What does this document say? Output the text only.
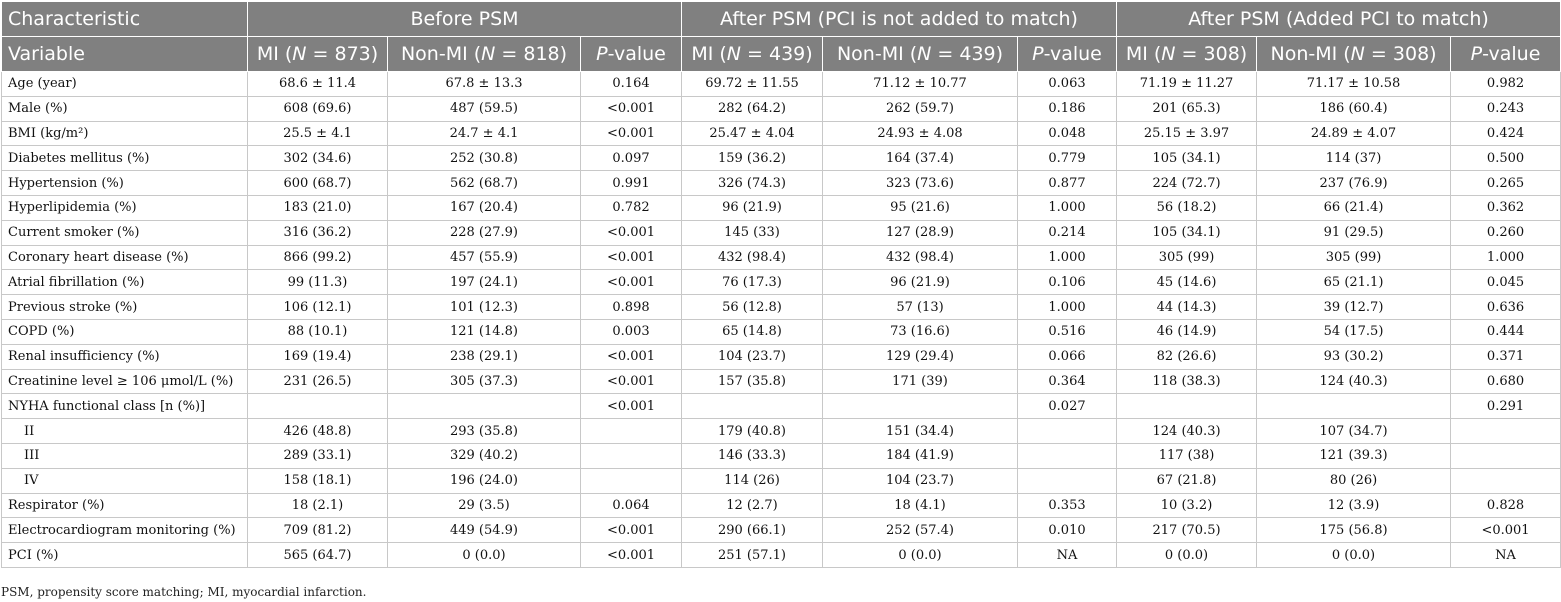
Characteristic	Before PSM			After PSM (PCI is not added to match)			After PSM (Added PCI to match)		
Variable	MI (N = 873)	Non-MI (N = 818)	P-value	MI (N = 439)	Non-MI (N = 439)	P-value	MI (N = 308)	Non-MI (N = 308)	P-value
Age (year)	68.6 ± 11.4	67.8 ± 13.3	0.164	69.72 ± 11.55	71.12 ± 10.77	0.063	71.19 ± 11.27	71.17 ± 10.58	0.982
Male (%)	608 (69.6)	487 (59.5)	<0.001	282 (64.2)	262 (59.7)	0.186	201 (65.3)	186 (60.4)	0.243
BMI (kg/m²)	25.5 ± 4.1	24.7 ± 4.1	<0.001	25.47 ± 4.04	24.93 ± 4.08	0.048	25.15 ± 3.97	24.89 ± 4.07	0.424
Diabetes mellitus (%)	302 (34.6)	252 (30.8)	0.097	159 (36.2)	164 (37.4)	0.779	105 (34.1)	114 (37)	0.500
Hypertension (%)	600 (68.7)	562 (68.7)	0.991	326 (74.3)	323 (73.6)	0.877	224 (72.7)	237 (76.9)	0.265
Hyperlipidemia (%)	183 (21.0)	167 (20.4)	0.782	96 (21.9)	95 (21.6)	1.000	56 (18.2)	66 (21.4)	0.362
Current smoker (%)	316 (36.2)	228 (27.9)	<0.001	145 (33)	127 (28.9)	0.214	105 (34.1)	91 (29.5)	0.260
Coronary heart disease (%)	866 (99.2)	457 (55.9)	<0.001	432 (98.4)	432 (98.4)	1.000	305 (99)	305 (99)	1.000
Atrial fibrillation (%)	99 (11.3)	197 (24.1)	<0.001	76 (17.3)	96 (21.9)	0.106	45 (14.6)	65 (21.1)	0.045
Previous stroke (%)	106 (12.1)	101 (12.3)	0.898	56 (12.8)	57 (13)	1.000	44 (14.3)	39 (12.7)	0.636
COPD (%)	88 (10.1)	121 (14.8)	0.003	65 (14.8)	73 (16.6)	0.516	46 (14.9)	54 (17.5)	0.444
Renal insufficiency (%)	169 (19.4)	238 (29.1)	<0.001	104 (23.7)	129 (29.4)	0.066	82 (26.6)	93 (30.2)	0.371
Creatinine level ≥ 106 μmol/L (%)	231 (26.5)	305 (37.3)	<0.001	157 (35.8)	171 (39)	0.364	118 (38.3)	124 (40.3)	0.680
NYHA functional class [n (%)]			<0.001			0.027			0.291
II	426 (48.8)	293 (35.8)		179 (40.8)	151 (34.4)		124 (40.3)	107 (34.7)	
III	289 (33.1)	329 (40.2)		146 (33.3)	184 (41.9)		117 (38)	121 (39.3)	
IV	158 (18.1)	196 (24.0)		114 (26)	104 (23.7)		67 (21.8)	80 (26)	
Respirator (%)	18 (2.1)	29 (3.5)	0.064	12 (2.7)	18 (4.1)	0.353	10 (3.2)	12 (3.9)	0.828
Electrocardiogram monitoring (%)	709 (81.2)	449 (54.9)	<0.001	290 (66.1)	252 (57.4)	0.010	217 (70.5)	175 (56.8)	<0.001
PCI (%)	565 (64.7)	0 (0.0)	<0.001	251 (57.1)	0 (0.0)	NA	0 (0.0)	0 (0.0)	NA
PSM, propensity score matching; MI, myocardial infarction.
